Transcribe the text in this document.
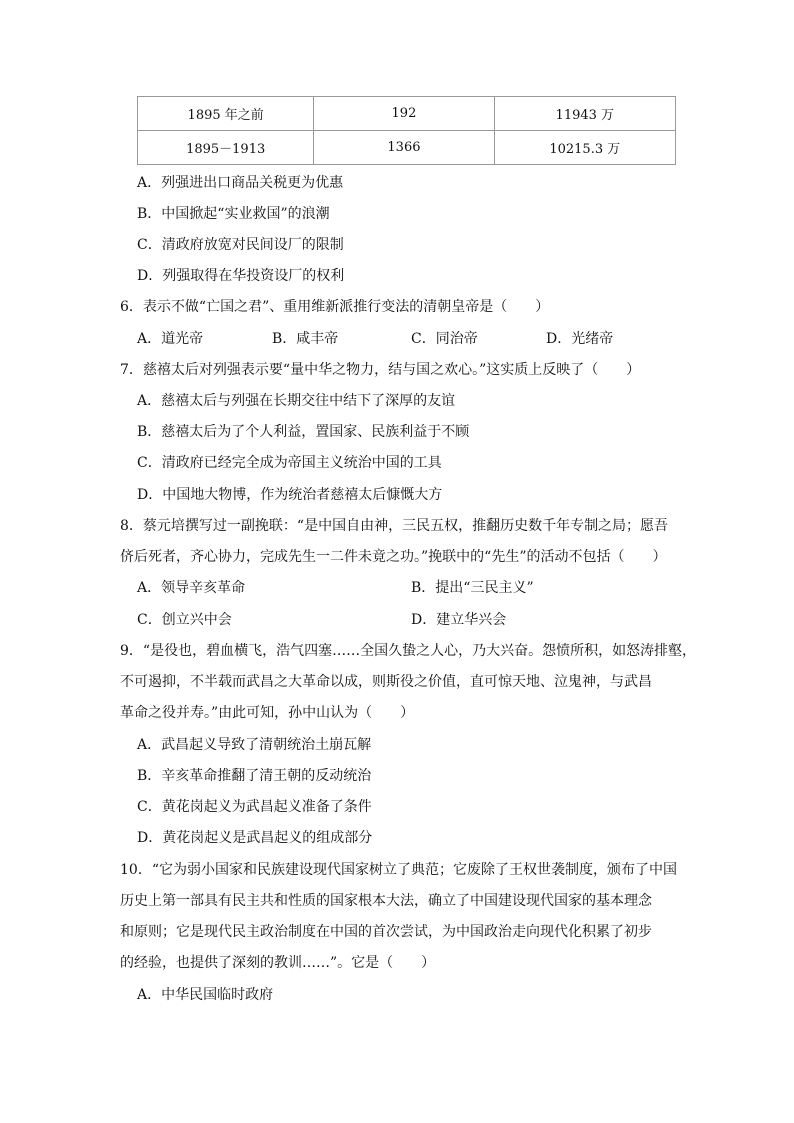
1895 年之前	192	11943 万
1895－1913	1366	10215.3 万
A．列强进出口商品关税更为优惠
B．中国掀起“实业救国”的浪潮
C．清政府放宽对民间设厂的限制
D．列强取得在华投资设厂的权利
6．表示不做“亡国之君”、重用维新派推行变法的清朝皇帝是（　　）
A．道光帝	B．咸丰帝	C．同治帝	D．光绪帝
7．慈禧太后对列强表示要“量中华之物力，结与国之欢心。”这实质上反映了（　　）
A．慈禧太后与列强在长期交往中结下了深厚的友谊
B．慈禧太后为了个人利益，置国家、民族利益于不顾
C．清政府已经完全成为帝国主义统治中国的工具
D．中国地大物博，作为统治者慈禧太后慷慨大方
8．蔡元培撰写过一副挽联：“是中国自由神，三民五权，推翻历史数千年专制之局；愿吾
侪后死者，齐心协力，完成先生一二件未竟之功。”挽联中的“先生”的活动不包括（　　）
A．领导辛亥革命	B．提出“三民主义”
C．创立兴中会	D．建立华兴会
9．“是役也，碧血横飞，浩气四塞……全国久蛰之人心，乃大兴奋。怨愤所积，如怒涛排壑，
不可遏抑，不半载而武昌之大革命以成，则斯役之价值，直可惊天地、泣鬼神，与武昌
革命之役并寿。”由此可知，孙中山认为（　　）
A．武昌起义导致了清朝统治土崩瓦解
B．辛亥革命推翻了清王朝的反动统治
C．黄花岗起义为武昌起义准备了条件
D．黄花岗起义是武昌起义的组成部分
10．“它为弱小国家和民族建设现代国家树立了典范；它废除了王权世袭制度，颁布了中国
历史上第一部具有民主共和性质的国家根本大法，确立了中国建设现代国家的基本理念
和原则；它是现代民主政治制度在中国的首次尝试，为中国政治走向现代化积累了初步
的经验，也提供了深刻的教训……”。它是（　　）
A．中华民国临时政府
